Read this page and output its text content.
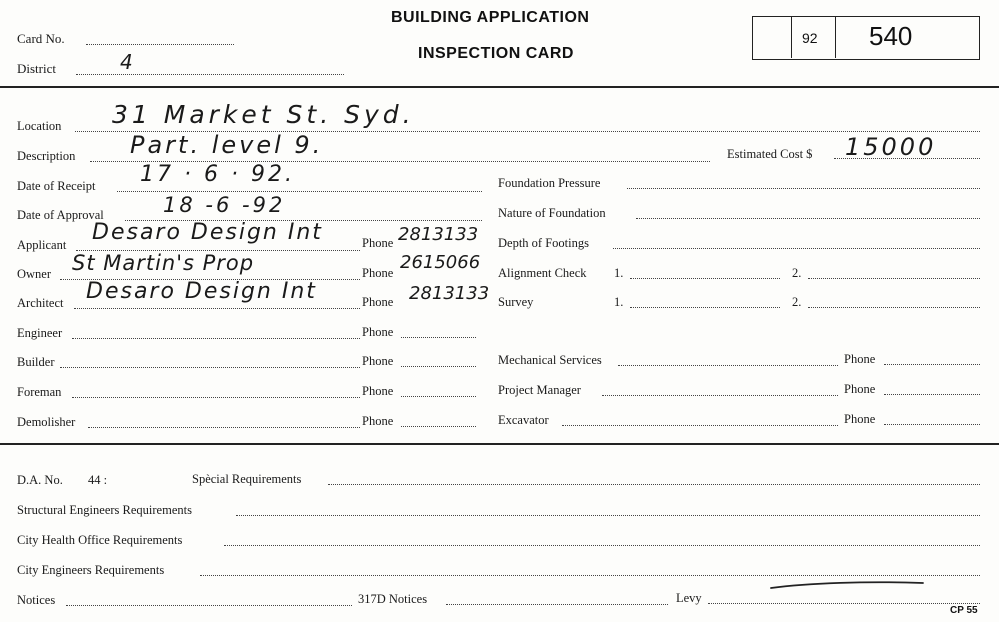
Card No.
District	4
BUILDING APPLICATION
INSPECTION CARD
92 540
Location 31 Market St. Syd.
Description Part. level 9.	Estimated Cost $ 15000
Date of Receipt 17 · 6 · 92.	Foundation Pressure
Date of Approval	18 -6 -92	Nature of Foundation
Applicant Desaro Design Int	Phone 2813133 Depth of Footings
Owner St Martin's Prop	Phone 2615066 Alignment Check 1.	2.
Architect Desaro Design Int	Phone 2813133 Survey	1.	2.
Engineer	Phone
Builder	Phone	Mechanical Services	Phone
Foreman	Phone	Project Manager	Phone
Demolisher	Phone	Excavator	Phone
D.A. No. 44 :	Spècial Requirements
Structural Engineers Requirements
City Health Office Requirements
City Engineers Requirements
Notices	317D Notices	Levy
CP 55
